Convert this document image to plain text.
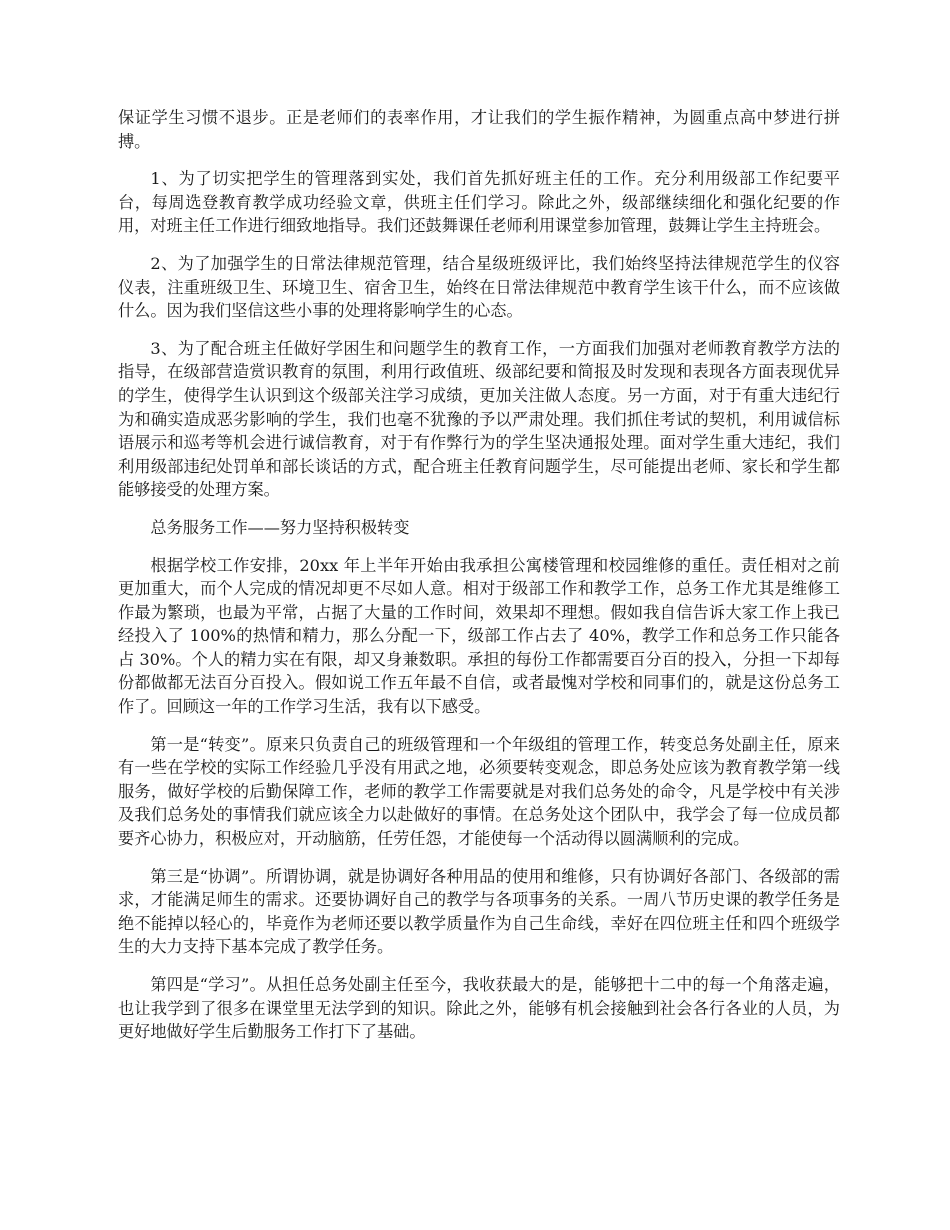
保证学生习惯不退步。正是老师们的表率作用，才让我们的学生振作精神，为圆重点高中梦进行拼搏。

1、为了切实把学生的管理落到实处，我们首先抓好班主任的工作。充分利用级部工作纪要平台，每周选登教育教学成功经验文章，供班主任们学习。除此之外，级部继续细化和强化纪要的作用，对班主任工作进行细致地指导。我们还鼓舞课任老师利用课堂参加管理，鼓舞让学生主持班会。

2、为了加强学生的日常法律规范管理，结合星级班级评比，我们始终坚持法律规范学生的仪容仪表，注重班级卫生、环境卫生、宿舍卫生，始终在日常法律规范中教育学生该干什么，而不应该做什么。因为我们坚信这些小事的处理将影响学生的心态。

3、为了配合班主任做好学困生和问题学生的教育工作，一方面我们加强对老师教育教学方法的指导，在级部营造赏识教育的氛围，利用行政值班、级部纪要和简报及时发现和表现各方面表现优异的学生，使得学生认识到这个级部关注学习成绩，更加关注做人态度。另一方面，对于有重大违纪行为和确实造成恶劣影响的学生，我们也毫不犹豫的予以严肃处理。我们抓住考试的契机，利用诚信标语展示和巡考等机会进行诚信教育，对于有作弊行为的学生坚决通报处理。面对学生重大违纪，我们利用级部违纪处罚单和部长谈话的方式，配合班主任教育问题学生，尽可能提出老师、家长和学生都能够接受的处理方案。

总务服务工作——努力坚持积极转变

根据学校工作安排，20xx 年上半年开始由我承担公寓楼管理和校园维修的重任。责任相对之前更加重大，而个人完成的情况却更不尽如人意。相对于级部工作和教学工作，总务工作尤其是维修工作最为繁琐，也最为平常，占据了大量的工作时间，效果却不理想。假如我自信告诉大家工作上我已经投入了 100%的热情和精力，那么分配一下，级部工作占去了 40%，教学工作和总务工作只能各占 30%。个人的精力实在有限，却又身兼数职。承担的每份工作都需要百分百的投入，分担一下却每份都做都无法百分百投入。假如说工作五年最不自信，或者最愧对学校和同事们的，就是这份总务工作了。回顾这一年的工作学习生活，我有以下感受。

第一是“转变”。原来只负责自己的班级管理和一个年级组的管理工作，转变总务处副主任，原来有一些在学校的实际工作经验几乎没有用武之地，必须要转变观念，即总务处应该为教育教学第一线服务，做好学校的后勤保障工作，老师的教学工作需要就是对我们总务处的命令，凡是学校中有关涉及我们总务处的事情我们就应该全力以赴做好的事情。在总务处这个团队中，我学会了每一位成员都要齐心协力，积极应对，开动脑筋，任劳任怨，才能使每一个活动得以圆满顺利的完成。

第三是“协调”。所谓协调，就是协调好各种用品的使用和维修，只有协调好各部门、各级部的需求，才能满足师生的需求。还要协调好自己的教学与各项事务的关系。一周八节历史课的教学任务是绝不能掉以轻心的，毕竟作为老师还要以教学质量作为自己生命线，幸好在四位班主任和四个班级学生的大力支持下基本完成了教学任务。

第四是“学习”。从担任总务处副主任至今，我收获最大的是，能够把十二中的每一个角落走遍，也让我学到了很多在课堂里无法学到的知识。除此之外，能够有机会接触到社会各行各业的人员，为更好地做好学生后勤服务工作打下了基础。
